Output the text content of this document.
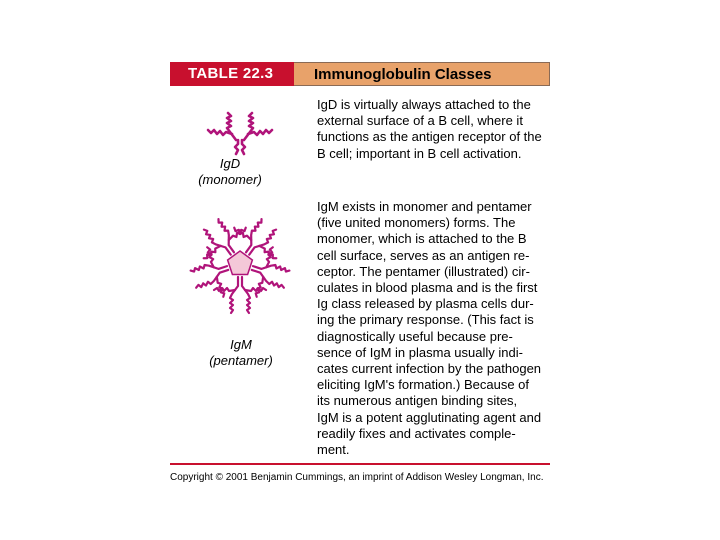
TABLE 22.3	Immunoglobulin Classes
IgD
(monomer)

IgD is virtually always attached to the
external surface of a B cell, where it
functions as the antigen receptor of the
B cell; important in B cell activation.

IgM
(pentamer)

IgM exists in monomer and pentamer
(five united monomers) forms. The
monomer, which is attached to the B
cell surface, serves as an antigen re-
ceptor. The pentamer (illustrated) cir-
culates in blood plasma and is the first
Ig class released by plasma cells dur-
ing the primary response. (This fact is
diagnostically useful because pre-
sence of IgM in plasma usually indi-
cates current infection by the pathogen
eliciting IgM's formation.) Because of
its numerous antigen binding sites,
IgM is a potent agglutinating agent and
readily fixes and activates comple-
ment.

Copyright © 2001 Benjamin Cummings, an imprint of Addison Wesley Longman, Inc.
